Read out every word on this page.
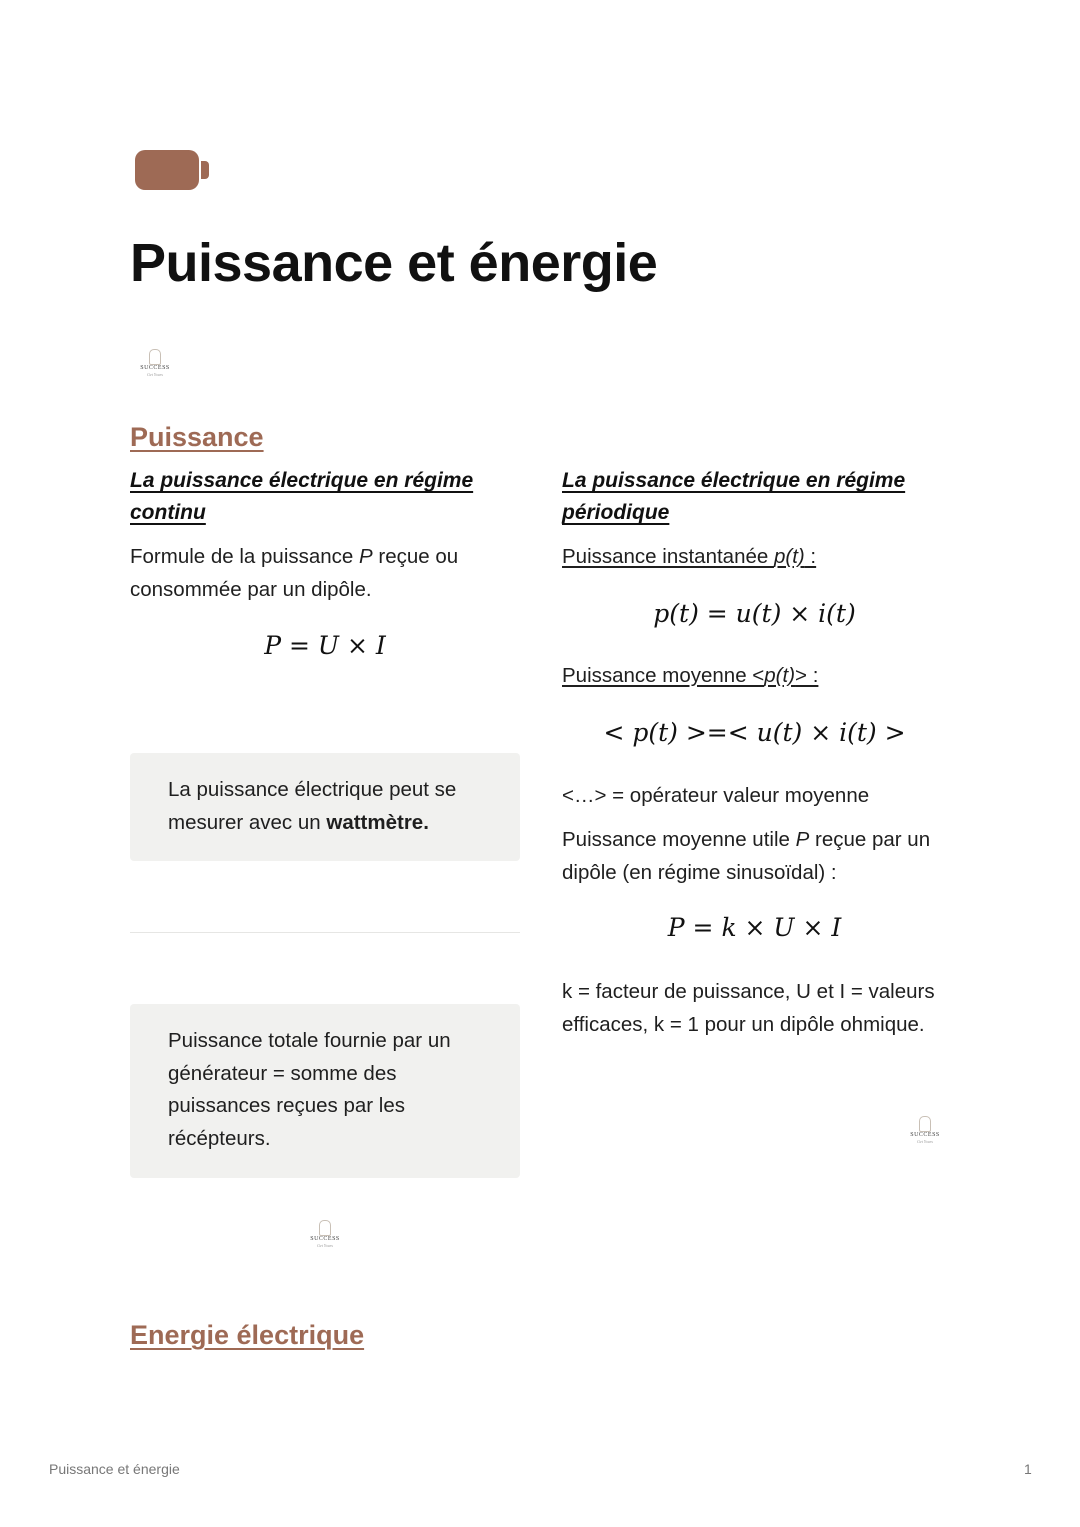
Puissance et énergie
SUCCESS
Get Yours
Puissance
La puissance électrique en régime
continu
Formule de la puissance P reçue ou consommée par un dipôle.
P = U × I
La puissance électrique peut se mesurer avec un wattmètre.
Puissance totale fournie par un générateur = somme des puissances reçues par les récépteurs.
SUCCESS
Get Yours
La puissance électrique en régime
périodique
Puissance instantanée p(t) :
p(t) = u(t) × i(t)
Puissance moyenne <p(t)> :
< p(t) >=< u(t) × i(t) >
<…> = opérateur valeur moyenne
Puissance moyenne utile P reçue par un dipôle (en régime sinusoïdal) :
P = k × U × I
k = facteur de puissance, U et I = valeurs efficaces, k = 1 pour un dipôle ohmique.
SUCCESS
Get Yours
Energie électrique
Puissance et énergie	1
